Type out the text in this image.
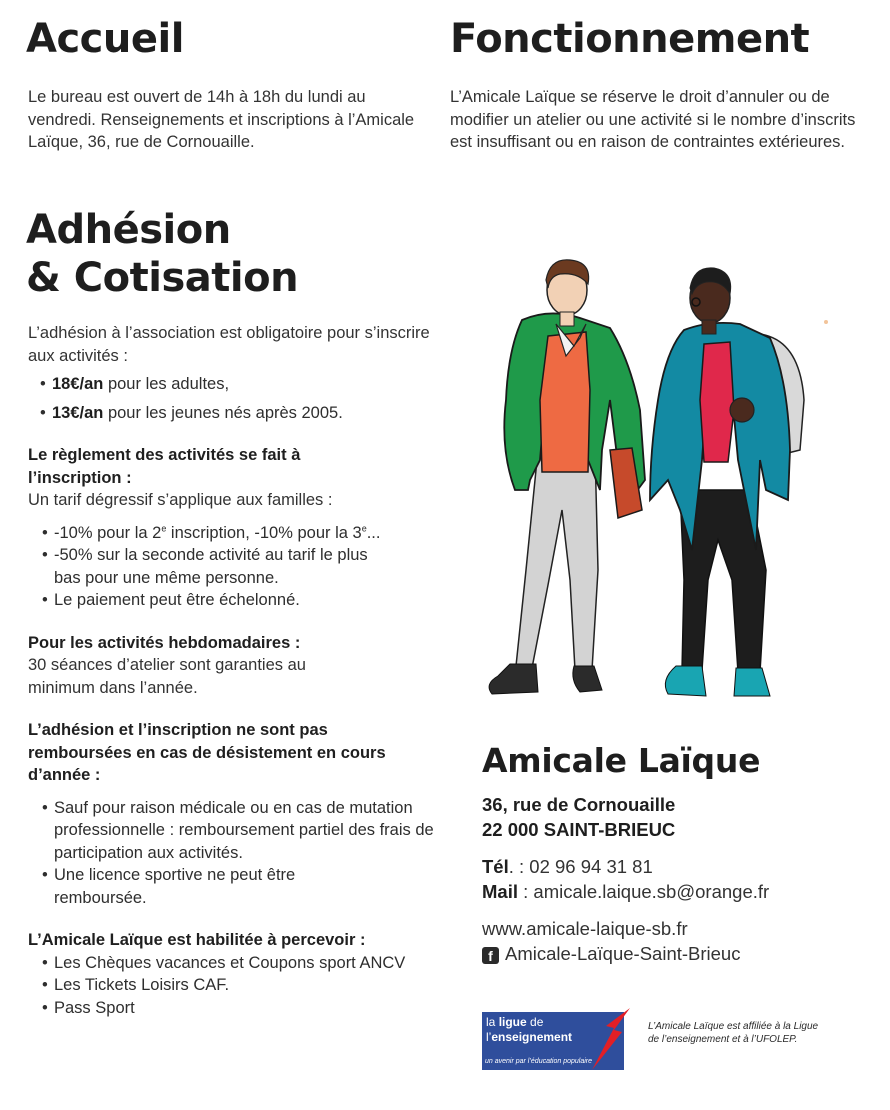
Accueil

Le bureau est ouvert de 14h à 18h du lundi au vendredi. Renseignements et inscriptions à l’Amicale Laïque, 36, rue de Cornouaille.

Fonctionnement

L’Amicale Laïque se réserve le droit d’annuler ou de modifier un atelier ou une activité si le nombre d’inscrits est insuffisant ou en raison de contraintes extérieures.

Adhésion
& Cotisation

L’adhésion à l’association est obligatoire pour s’inscrire aux activités :

• 18€/an pour les adultes,
• 13€/an pour les jeunes nés après 2005.

Le règlement des activités se fait à l’inscription :

Un tarif dégressif s’applique aux familles :

• -10% pour la 2e inscription, -10% pour la 3e...
• -50% sur la seconde activité au tarif le plus bas pour une même personne.
• Le paiement peut être échelonné.

Pour les activités hebdomadaires :

30 séances d’atelier sont garanties au minimum dans l’année.

L’adhésion et l’inscription ne sont pas remboursées en cas de désistement en cours d’année :

• Sauf pour raison médicale ou en cas de mutation professionnelle : remboursement partiel des frais de participation aux activités.
• Une licence sportive ne peut être remboursée.

L’Amicale Laïque est habilitée à percevoir :

• Les Chèques vacances et Coupons sport ANCV
• Les Tickets Loisirs CAF.
• Pass Sport
Amicale Laïque
36, rue de Cornouaille
22 000 SAINT-BRIEUC
Tél. : 02 96 94 31 81
Mail : amicale.laique.sb@orange.fr
www.amicale-laique-sb.fr
f Amicale-Laïque-Saint-Brieuc
la ligue de
l’enseignement
un avenir par l’éducation populaire
L’Amicale Laïque est affiliée à la Ligue de l’enseignement et à l’UFOLEP.
